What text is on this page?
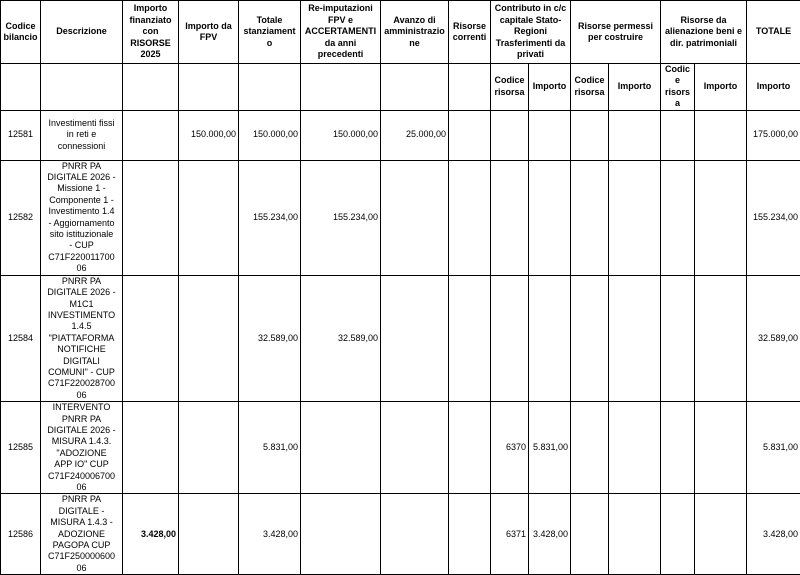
Codice bilancio	Descrizione	Importo finanziato con RISORSE 2025	Importo da FPV	Totale stanziamento	Re-imputazioni FPV e ACCERTAMENTI da anni precedenti	Avanzo di amministrazione	Risorse correnti	Contributo in c/c capitale Stato-Regioni Trasferimenti da privati		Risorse permessi per costruire		Risorse da alienazione beni e dir. patrimoniali		TOTALE
								Codice risorsa	Importo	Codice risorsa	Importo	Codice risorsa	Importo	Importo
12581	Investimenti fissi in reti e connessioni		150.000,00	150.000,00	150.000,00	25.000,00								175.000,00
12582	PNRR PA DIGITALE 2026 - Missione 1 - Componente 1 - Investimento 1.4 - Aggiornamento sito istituzionale - CUP C71F22001170006			155.234,00	155.234,00									155.234,00
12584	PNRR PA DIGITALE 2026 - M1C1 INVESTIMENTO 1.4.5 "PIATTAFORMA NOTIFICHE DIGITALI COMUNI" - CUP C71F22002870006			32.589,00	32.589,00									32.589,00
12585	INTERVENTO PNRR PA DIGITALE 2026 - MISURA 1.4.3. "ADOZIONE APP IO" CUP C71F24000670006			5.831,00				6370	5.831,00					5.831,00
12586	PNRR PA DIGITALE - MISURA 1.4.3 - ADOZIONE PAGOPA CUP C71F25000060006	3.428,00		3.428,00				6371	3.428,00					3.428,00
